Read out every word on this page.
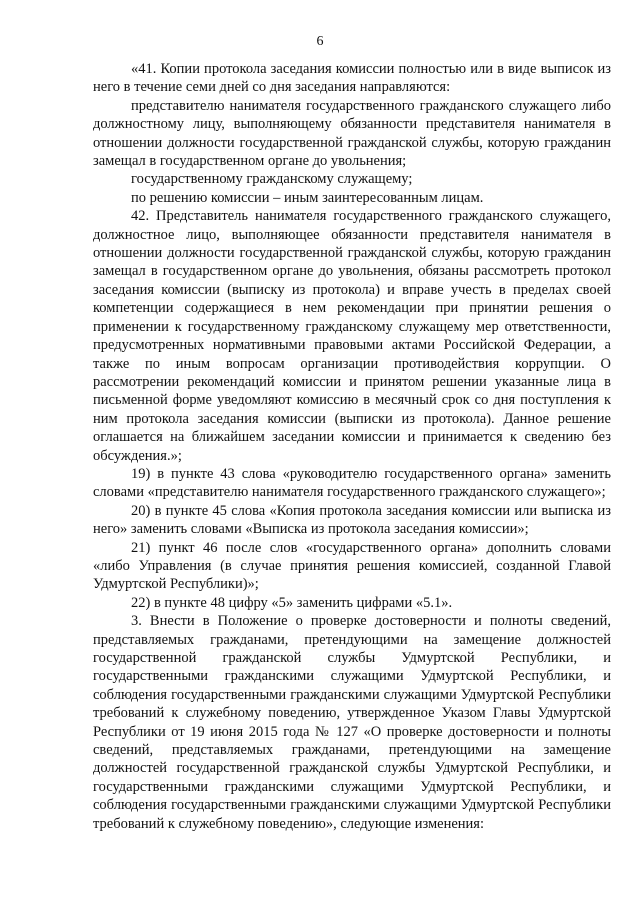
6

«41. Копии протокола заседания комиссии полностью или в виде выписок из него в течение семи дней со дня заседания направляются:

представителю нанимателя государственного гражданского служащего либо должностному лицу, выполняющему обязанности представителя нанимателя в отношении должности государственной гражданской службы, которую гражданин замещал в государственном органе до увольнения;

государственному гражданскому служащему;

по решению комиссии – иным заинтересованным лицам.

42. Представитель нанимателя государственного гражданского служащего, должностное лицо, выполняющее обязанности представителя нанимателя в отношении должности государственной гражданской службы, которую гражданин замещал в государственном органе до увольнения, обязаны рассмотреть протокол заседания комиссии (выписку из протокола) и вправе учесть в пределах своей компетенции содержащиеся в нем рекомендации при принятии решения о применении к государственному гражданскому служащему мер ответственности, предусмотренных нормативными правовыми актами Российской Федерации, а также по иным вопросам организации противодействия коррупции. О рассмотрении рекомендаций комиссии и принятом решении указанные лица в письменной форме уведомляют комиссию в месячный срок со дня поступления к ним протокола заседания комиссии (выписки из протокола). Данное решение оглашается на ближайшем заседании комиссии и принимается к сведению без обсуждения.»;

19) в пункте 43 слова «руководителю государственного органа» заменить словами «представителю нанимателя государственного гражданского служащего»;

20) в пункте 45 слова «Копия протокола заседания комиссии или выписка из него» заменить словами «Выписка из протокола заседания комиссии»;

21) пункт 46 после слов «государственного органа» дополнить словами «либо Управления (в случае принятия решения комиссией, созданной Главой Удмуртской Республики)»;

22) в пункте 48 цифру «5» заменить цифрами «5.1».

3. Внести в Положение о проверке достоверности и полноты сведений, представляемых гражданами, претендующими на замещение должностей государственной гражданской службы Удмуртской Республики, и государственными гражданскими служащими Удмуртской Республики, и соблюдения государственными гражданскими служащими Удмуртской Республики требований к служебному поведению, утвержденное Указом Главы Удмуртской Республики от 19 июня 2015 года № 127 «О проверке достоверности и полноты сведений, представляемых гражданами, претендующими на замещение должностей государственной гражданской службы Удмуртской Республики, и государственными гражданскими служащими Удмуртской Республики, и соблюдения государственными гражданскими служащими Удмуртской Республики требований к служебному поведению», следующие изменения:
